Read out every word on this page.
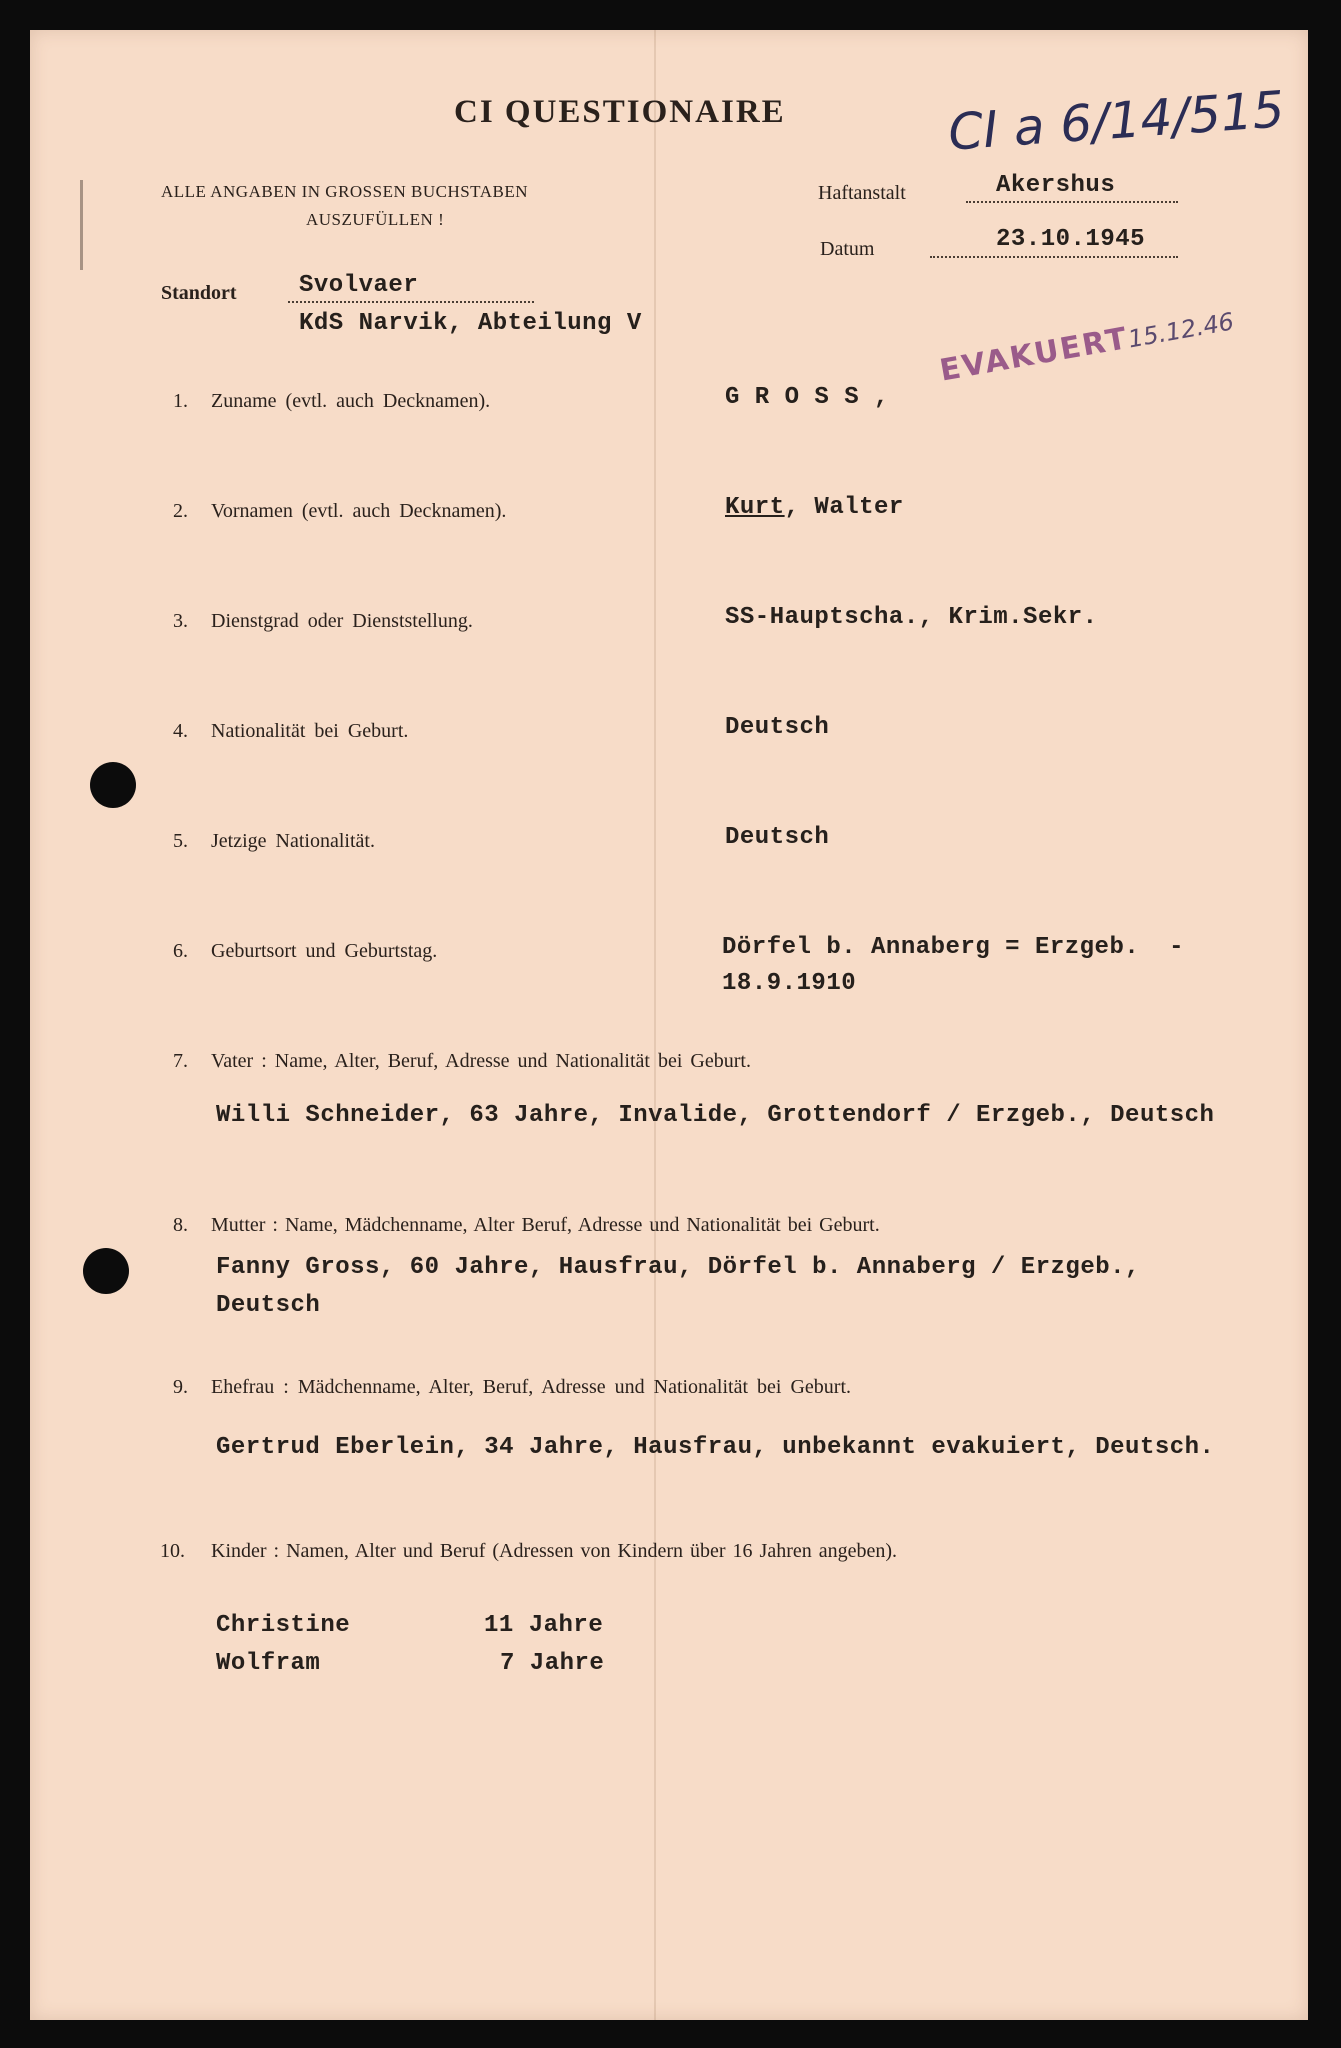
CI QUESTIONAIRE	CI a 6/14/515
ALLE ANGABEN IN GROSSEN BUCHSTABEN
AUSZUFÜLLEN !
Haftanstalt	Akershus
Datum	23.10.1945
Standort	Svolvaer
KdS Narvik, Abteilung V	EVAKUERT15.12.46
1. Zuname (evtl. auch Decknamen).	G R O S S ,
2. Vornamen (evtl. auch Decknamen).	Kurt, Walter
3. Dienstgrad oder Dienststellung.	SS-Hauptscha., Krim.Sekr.
4. Nationalität bei Geburt.	Deutsch
5. Jetzige Nationalität.	Deutsch
6. Geburtsort und Geburtstag.	Dörfel b. Annaberg = Erzgeb.  -
18.9.1910
7. Vater : Name, Alter, Beruf, Adresse und Nationalität bei Geburt.
Willi Schneider, 63 Jahre, Invalide, Grottendorf / Erzgeb., Deutsch
8. Mutter : Name, Mädchenname, Alter Beruf, Adresse und Nationalität bei Geburt.
Fanny Gross, 60 Jahre, Hausfrau, Dörfel b. Annaberg / Erzgeb.,
Deutsch
9. Ehefrau : Mädchenname, Alter, Beruf, Adresse und Nationalität bei Geburt.
Gertrud Eberlein, 34 Jahre, Hausfrau, unbekannt evakuiert, Deutsch.
10. Kinder : Namen, Alter und Beruf (Adressen von Kindern über 16 Jahren angeben).
Christine	11 Jahre
Wolfram	7 Jahre
